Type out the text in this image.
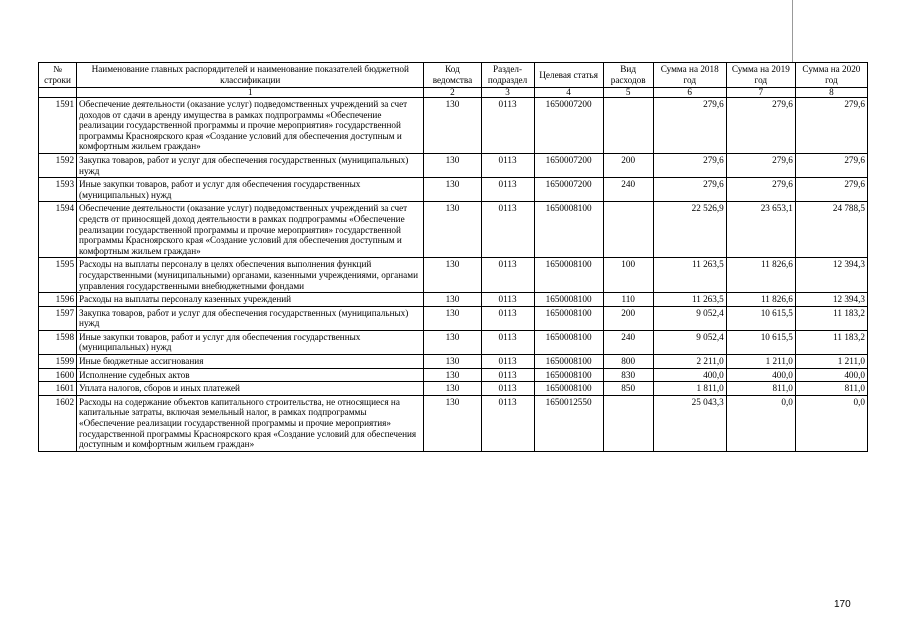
№ строки	Наименование главных распорядителей и наименование показателей бюджетной классификации	Код ведомства	Раздел-подраздел	Целевая статья	Вид расходов	Сумма на 2018 год	Сумма на 2019 год	Сумма на 2020 год
	1	2	3	4	5	6	7	8
1591	Обеспечение деятельности (оказание услуг) подведомственных учреждений за счет доходов от сдачи в аренду имущества в рамках подпрограммы «Обеспечение реализации государственной программы и прочие мероприятия» государственной программы Красноярского края «Создание условий для обеспечения доступным и комфортным жильем граждан»	130	0113	1650007200		279,6	279,6	279,6
1592	Закупка товаров, работ и услуг для обеспечения государственных (муниципальных) нужд	130	0113	1650007200	200	279,6	279,6	279,6
1593	Иные закупки товаров, работ и услуг для обеспечения государственных (муниципальных) нужд	130	0113	1650007200	240	279,6	279,6	279,6
1594	Обеспечение деятельности (оказание услуг) подведомственных учреждений за счет средств от приносящей доход деятельности в рамках подпрограммы «Обеспечение реализации государственной программы и прочие мероприятия» государственной программы Красноярского края «Создание условий для обеспечения доступным и комфортным жильем граждан»	130	0113	1650008100		22 526,9	23 653,1	24 788,5
1595	Расходы на выплаты персоналу в целях обеспечения выполнения функций государственными (муниципальными) органами, казенными учреждениями, органами управления государственными внебюджетными фондами	130	0113	1650008100	100	11 263,5	11 826,6	12 394,3
1596	Расходы на выплаты персоналу казенных учреждений	130	0113	1650008100	110	11 263,5	11 826,6	12 394,3
1597	Закупка товаров, работ и услуг для обеспечения государственных (муниципальных) нужд	130	0113	1650008100	200	9 052,4	10 615,5	11 183,2
1598	Иные закупки товаров, работ и услуг для обеспечения государственных (муниципальных) нужд	130	0113	1650008100	240	9 052,4	10 615,5	11 183,2
1599	Иные бюджетные ассигнования	130	0113	1650008100	800	2 211,0	1 211,0	1 211,0
1600	Исполнение судебных актов	130	0113	1650008100	830	400,0	400,0	400,0
1601	Уплата налогов, сборов и иных платежей	130	0113	1650008100	850	1 811,0	811,0	811,0
1602	Расходы на содержание объектов капитального строительства, не относящиеся на капитальные затраты, включая земельный налог, в рамках подпрограммы «Обеспечение реализации государственной программы и прочие мероприятия» государственной программы Красноярского края «Создание условий для обеспечения доступным и комфортным жильем граждан»	130	0113	1650012550		25 043,3	0,0	0,0
170
